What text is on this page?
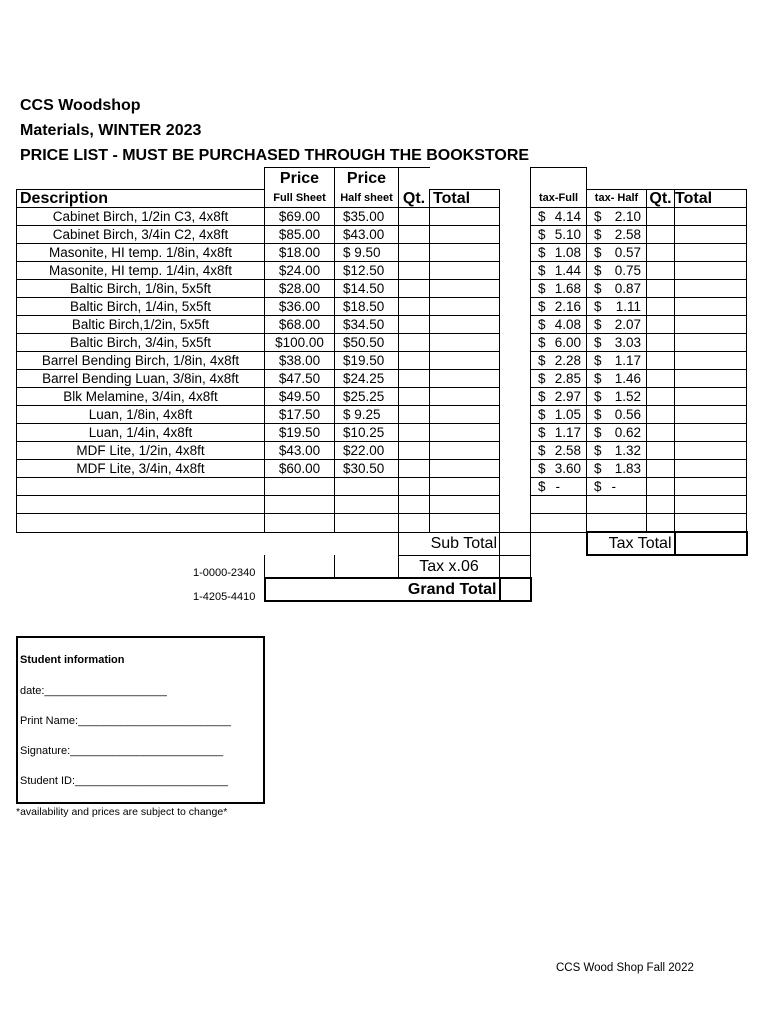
CCS Woodshop
Materials, WINTER 2023
PRICE LIST - MUST BE PURCHASED THROUGH THE BOOKSTORE
	Price	Price							
Description	Full Sheet	Half sheet	Qt.	Total		tax-Full	tax- Half	Qt.	Total
Cabinet Birch, 1/2in C3, 4x8ft	$69.00	$35.00				$ 4.14	$ 2.10		

Cabinet Birch, 3/4in C2, 4x8ft	$85.00	$43.00				$ 5.10	$ 2.58		

Masonite, HI temp. 1/8in, 4x8ft	$18.00	$ 9.50				$ 1.08	$ 0.57		

Masonite, HI temp. 1/4in, 4x8ft	$24.00	$12.50				$ 1.44	$ 0.75		

Baltic Birch, 1/8in, 5x5ft	$28.00	$14.50				$ 1.68	$ 0.87		

Baltic Birch, 1/4in, 5x5ft	$36.00	$18.50				$ 2.16	$ 1.11		

Baltic Birch,1/2in, 5x5ft	$68.00	$34.50				$ 4.08	$ 2.07		

Baltic Birch, 3/4in, 5x5ft	$100.00	$50.50				$ 6.00	$ 3.03		

Barrel Bending Birch, 1/8in, 4x8ft	$38.00	$19.50				$ 2.28	$ 1.17		

Barrel Bending Luan, 3/8in, 4x8ft	$47.50	$24.25				$ 2.85	$ 1.46		

Blk Melamine, 3/4in, 4x8ft	$49.50	$25.25				$ 2.97	$ 1.52		

Luan, 1/8in, 4x8ft	$17.50	$ 9.25				$ 1.05	$ 0.56		

Luan, 1/4in, 4x8ft	$19.50	$10.25				$ 1.17	$ 0.62		

MDF Lite, 1/2in, 4x8ft	$43.00	$22.00				$ 2.58	$ 1.32		

MDF Lite, 3/4in, 4x8ft	$60.00	$30.50				$ 3.60	$ 1.83		

						$ -	$ -		

			Sub Total				Tax Total		
			Tax x.06						
	Grand Total								
1-0000-2340
1-4205-4410
Student information
date:____________________
Print Name:_________________________
Signature:_________________________
Student ID:_________________________
*availability and prices are subject to change*
CCS Wood Shop Fall 2022
